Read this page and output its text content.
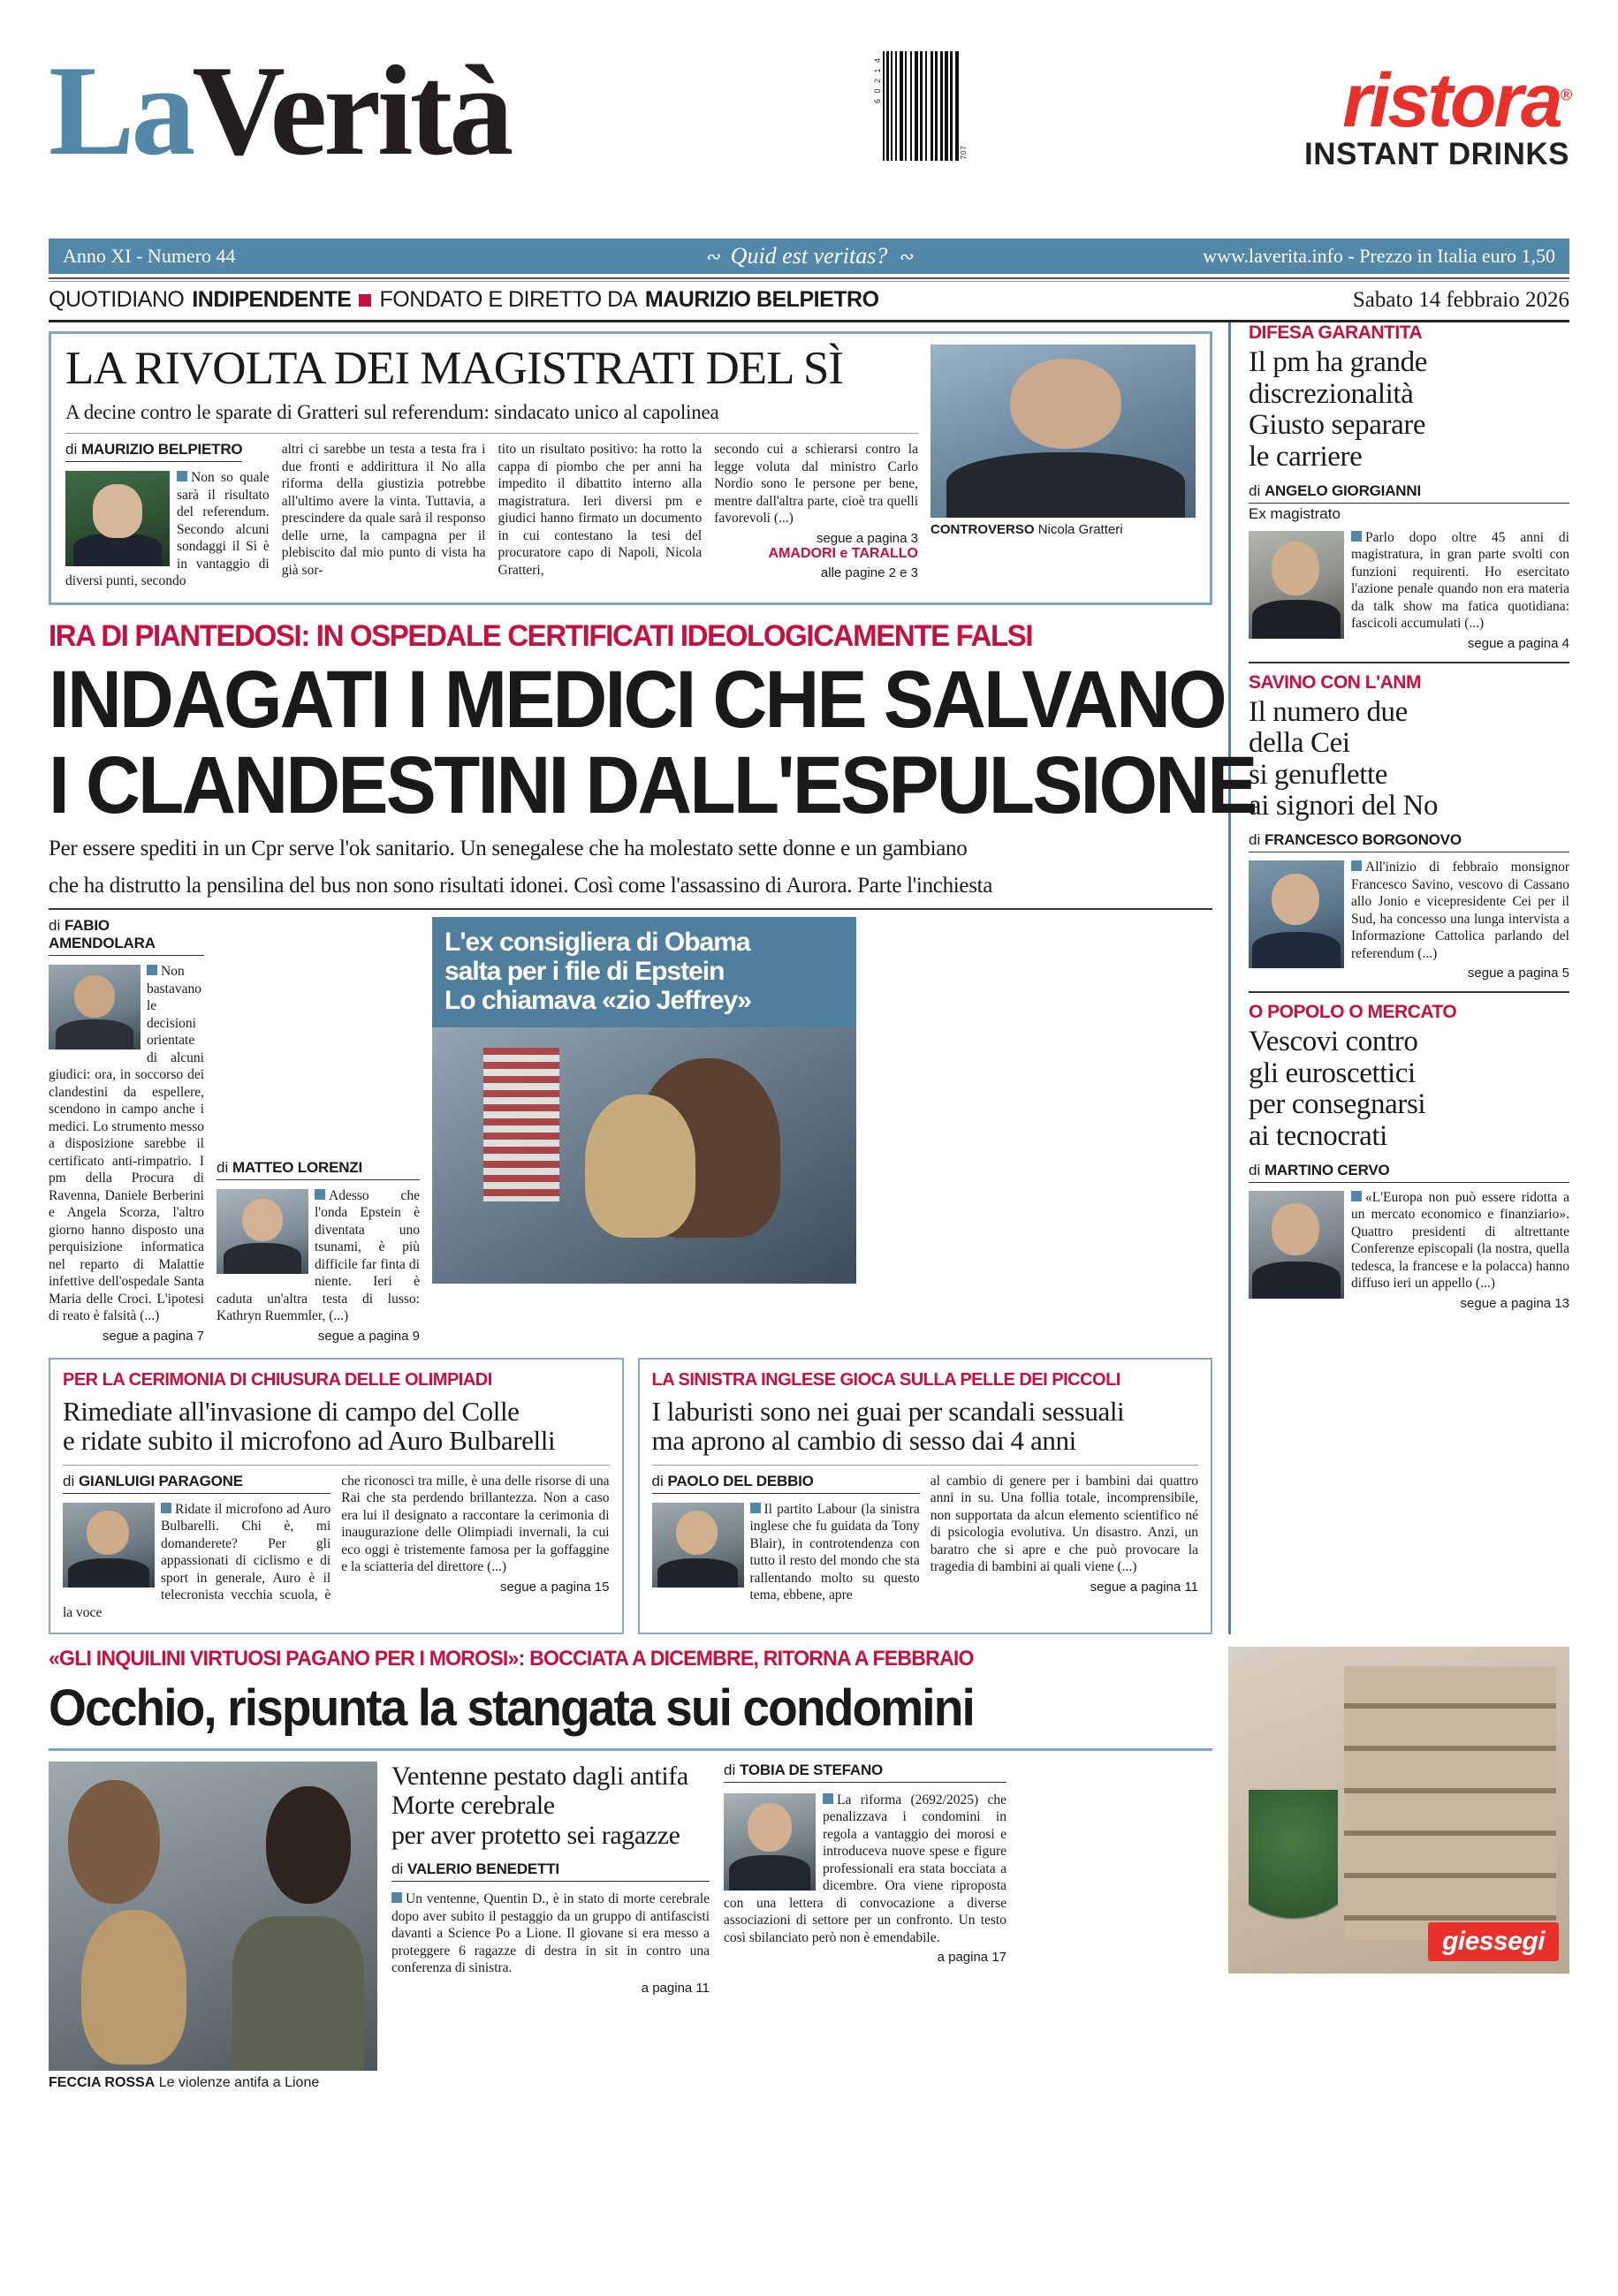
LaVerità	6 0 2 1 4
707
ristora®
INSTANT DRINKS
Anno XI - Numero 44	∾ Quid est veritas? ∾	www.laverita.info - Prezzo in Italia euro 1,50
QUOTIDIANO INDIPENDENTE FONDATO E DIRETTO DA MAURIZIO BELPIETRO	Sabato 14 febbraio 2026
LA RIVOLTA DEI MAGISTRATI DEL SÌ
A decine contro le sparate di Gratteri sul referendum: sindacato unico al capolinea
di MAURIZIO BELPIETRO
Non so quale sarà il risultato del referendum. Secondo alcuni sondaggi il Sì è in vantaggio di diversi punti, secondo
altri ci sarebbe un testa a testa fra i due fronti e addirittura il No alla riforma della giustizia potrebbe all'ultimo avere la vinta. Tuttavia, a prescindere da quale sarà il responso delle urne, la campagna per il plebiscito dal mio punto di vista ha già sor-
tito un risultato positivo: ha rotto la cappa di piombo che per anni ha impedito il dibattito interno alla magistratura. Ieri diversi pm e giudici hanno firmato un documento in cui contestano la tesi del procuratore capo di Napoli, Nicola Gratteri,
secondo cui a schierarsi contro la legge voluta dal ministro Carlo Nordio sono le persone per bene, mentre dall'altra parte, cioè tra quelli favorevoli (...)
segue a pagina 3
AMADORI e TARALLO
alle pagine 2 e 3
CONTROVERSO Nicola Gratteri
IRA DI PIANTEDOSI: IN OSPEDALE CERTIFICATI IDEOLOGICAMENTE FALSI
INDAGATI I MEDICI CHE SALVANO
I CLANDESTINI DALL'ESPULSIONE
Per essere spediti in un Cpr serve l'ok sanitario. Un senegalese che ha molestato sette donne e un gambiano
che ha distrutto la pensilina del bus non sono risultati idonei. Così come l'assassino di Aurora. Parte l'inchiesta
di FABIO AMENDOLARA
Non bastavano le decisioni orientate di alcuni giudici: ora, in soccorso dei clandestini da espellere, scendono in campo anche i medici. Lo strumento messo a disposizione sarebbe il certificato anti-rimpatrio. I pm della Procura di Ravenna, Daniele Berberini e Angela Scorza, l'altro giorno hanno disposto una perquisizione informatica nel reparto di Malattie infettive dell'ospedale Santa Maria delle Croci. L'ipotesi di reato è falsità (...)
segue a pagina 7
di MATTEO LORENZI
Adesso che l'onda Epstein è diventata uno tsunami, è più difficile far finta di niente. Ieri è caduta un'altra testa di lusso: Kathryn Ruemmler, (...)
segue a pagina 9
L'ex consigliera di Obama
salta per i file di Epstein
Lo chiamava «zio Jeffrey»
PER LA CERIMONIA DI CHIUSURA DELLE OLIMPIADI
Rimediate all'invasione di campo del Colle
e ridate subito il microfono ad Auro Bulbarelli
di GIANLUIGI PARAGONE
Ridate il microfono ad Auro Bulbarelli. Chi è, mi domanderete? Per gli appassionati di ciclismo e di sport in generale, Auro è il telecronista vecchia scuola, è la voce
che riconosci tra mille, è una delle risorse di una Rai che sta perdendo brillantezza. Non a caso era lui il designato a raccontare la cerimonia di inaugurazione delle Olimpiadi invernali, la cui eco oggi è tristemente famosa per la goffaggine e la sciatteria del direttore (...)
segue a pagina 15
LA SINISTRA INGLESE GIOCA SULLA PELLE DEI PICCOLI
I laburisti sono nei guai per scandali sessuali
ma aprono al cambio di sesso dai 4 anni
di PAOLO DEL DEBBIO
Il partito Labour (la sinistra inglese che fu guidata da Tony Blair), in controtendenza con tutto il resto del mondo che sta rallentando molto su questo tema, ebbene, apre
al cambio di genere per i bambini dai quattro anni in su. Una follia totale, incomprensibile, non supportata da alcun elemento scientifico né di psicologia evolutiva. Un disastro. Anzi, un baratro che si apre e che può provocare la tragedia di bambini ai quali viene (...)
segue a pagina 11
DIFESA GARANTITA
Il pm ha grande
discrezionalità
Giusto separare
le carriere
di ANGELO GIORGIANNI
Ex magistrato
Parlo dopo oltre 45 anni di magistratura, in gran parte svolti con funzioni requirenti. Ho esercitato l'azione penale quando non era materia da talk show ma fatica quotidiana: fascicoli accumulati (...)
segue a pagina 4
SAVINO CON L'ANM
Il numero due
della Cei
si genuflette
ai signori del No
di FRANCESCO BORGONOVO
All'inizio di febbraio monsignor Francesco Savino, vescovo di Cassano allo Jonio e vicepresidente Cei per il Sud, ha concesso una lunga intervista a Informazione Cattolica parlando del referendum (...)
segue a pagina 5
O POPOLO O MERCATO
Vescovi contro
gli euroscettici
per consegnarsi
ai tecnocrati
di MARTINO CERVO
«L'Europa non può essere ridotta a un mercato economico e finanziario». Quattro presidenti di altrettante Conferenze episcopali (la nostra, quella tedesca, la francese e la polacca) hanno diffuso ieri un appello (...)
segue a pagina 13
«GLI INQUILINI VIRTUOSI PAGANO PER I MOROSI»: BOCCIATA A DICEMBRE, RITORNA A FEBBRAIO
Occhio, rispunta la stangata sui condomini
FECCIA ROSSA Le violenze antifa a Lione
Ventenne pestato dagli antifa
Morte cerebrale
per aver protetto sei ragazze
di VALERIO BENEDETTI
Un ventenne, Quentin D., è in stato di morte cerebrale dopo aver subito il pestaggio da un gruppo di antifascisti davanti a Science Po a Lione. Il giovane si era messo a proteggere 6 ragazze di destra in sit in contro una conferenza di sinistra.
a pagina 11
di TOBIA DE STEFANO
La riforma (2692/2025) che penalizzava i condomini in regola a vantaggio dei morosi e introduceva nuove spese e figure professionali era stata bocciata a dicembre. Ora viene riproposta con una lettera di convocazione a diverse associazioni di settore per un confronto. Un testo così sbilanciato però non è emendabile.
a pagina 17
giessegi
